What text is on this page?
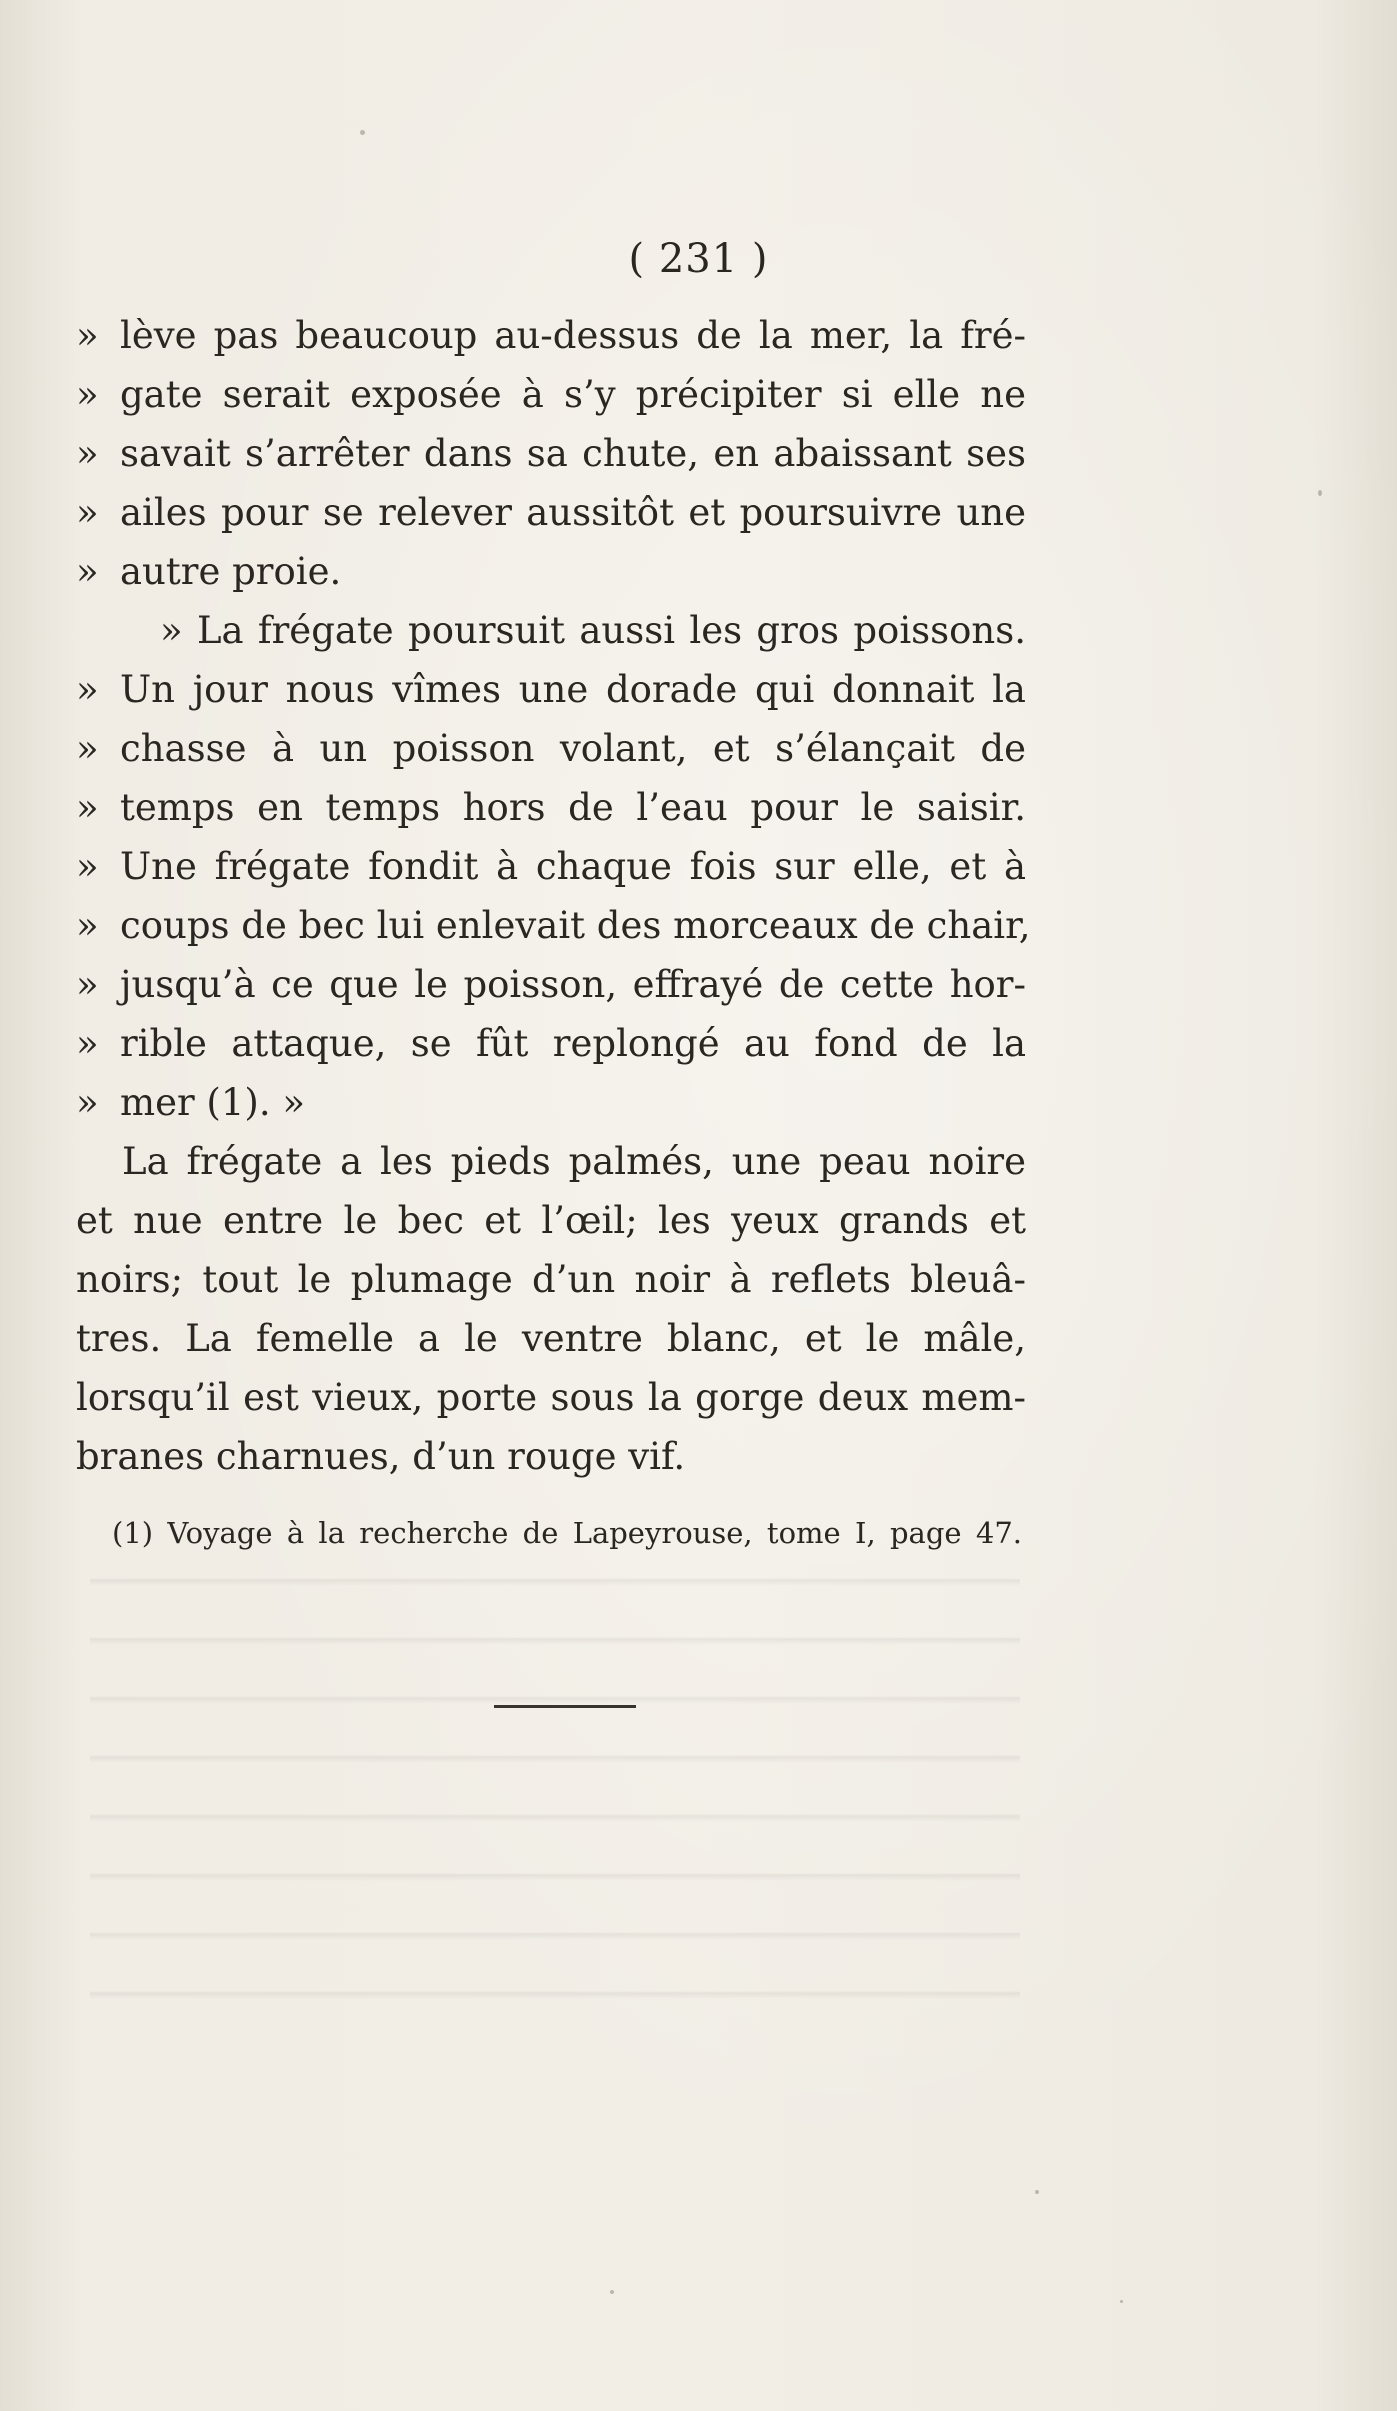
( 231 )
» lève pas beaucoup au-dessus de la mer, la fré-
» gate serait exposée à s’y précipiter si elle ne
» savait s’arrêter dans sa chute, en abaissant ses
» ailes pour se relever aussitôt et poursuivre une
» autre proie.
» La frégate poursuit aussi les gros poissons.
» Un jour nous vîmes une dorade qui donnait la
» chasse à un poisson volant, et s’élançait de
» temps en temps hors de l’eau pour le saisir.
» Une frégate fondit à chaque fois sur elle, et à
» coups de bec lui enlevait des morceaux de chair,
» jusqu’à ce que le poisson, effrayé de cette hor-
» rible attaque, se fût replongé au fond de la
» mer (1). »
La frégate a les pieds palmés, une peau noire
et nue entre le bec et l’œil; les yeux grands et
noirs; tout le plumage d’un noir à reflets bleuâ-
tres. La femelle a le ventre blanc, et le mâle,
lorsqu’il est vieux, porte sous la gorge deux mem-
branes charnues, d’un rouge vif.
(1) Voyage à la recherche de Lapeyrouse, tome I, page 47.
